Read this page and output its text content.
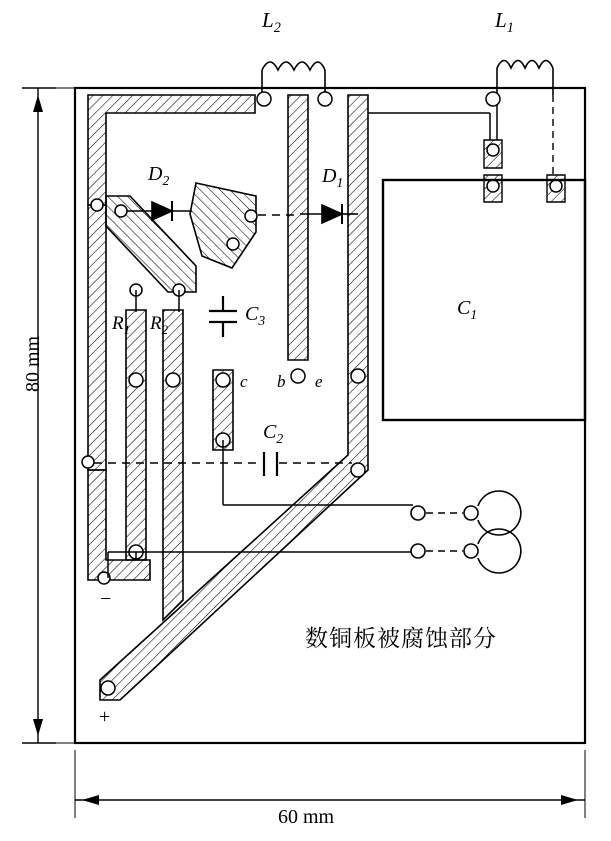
$L_2$	$L_1$
$D_2$	$D_1$
$C_1$
$C_3$
$C_2$
$R_1$ $R_2$
c b e
−
+
数铜板被腐蚀部分
80 mm
60 mm
